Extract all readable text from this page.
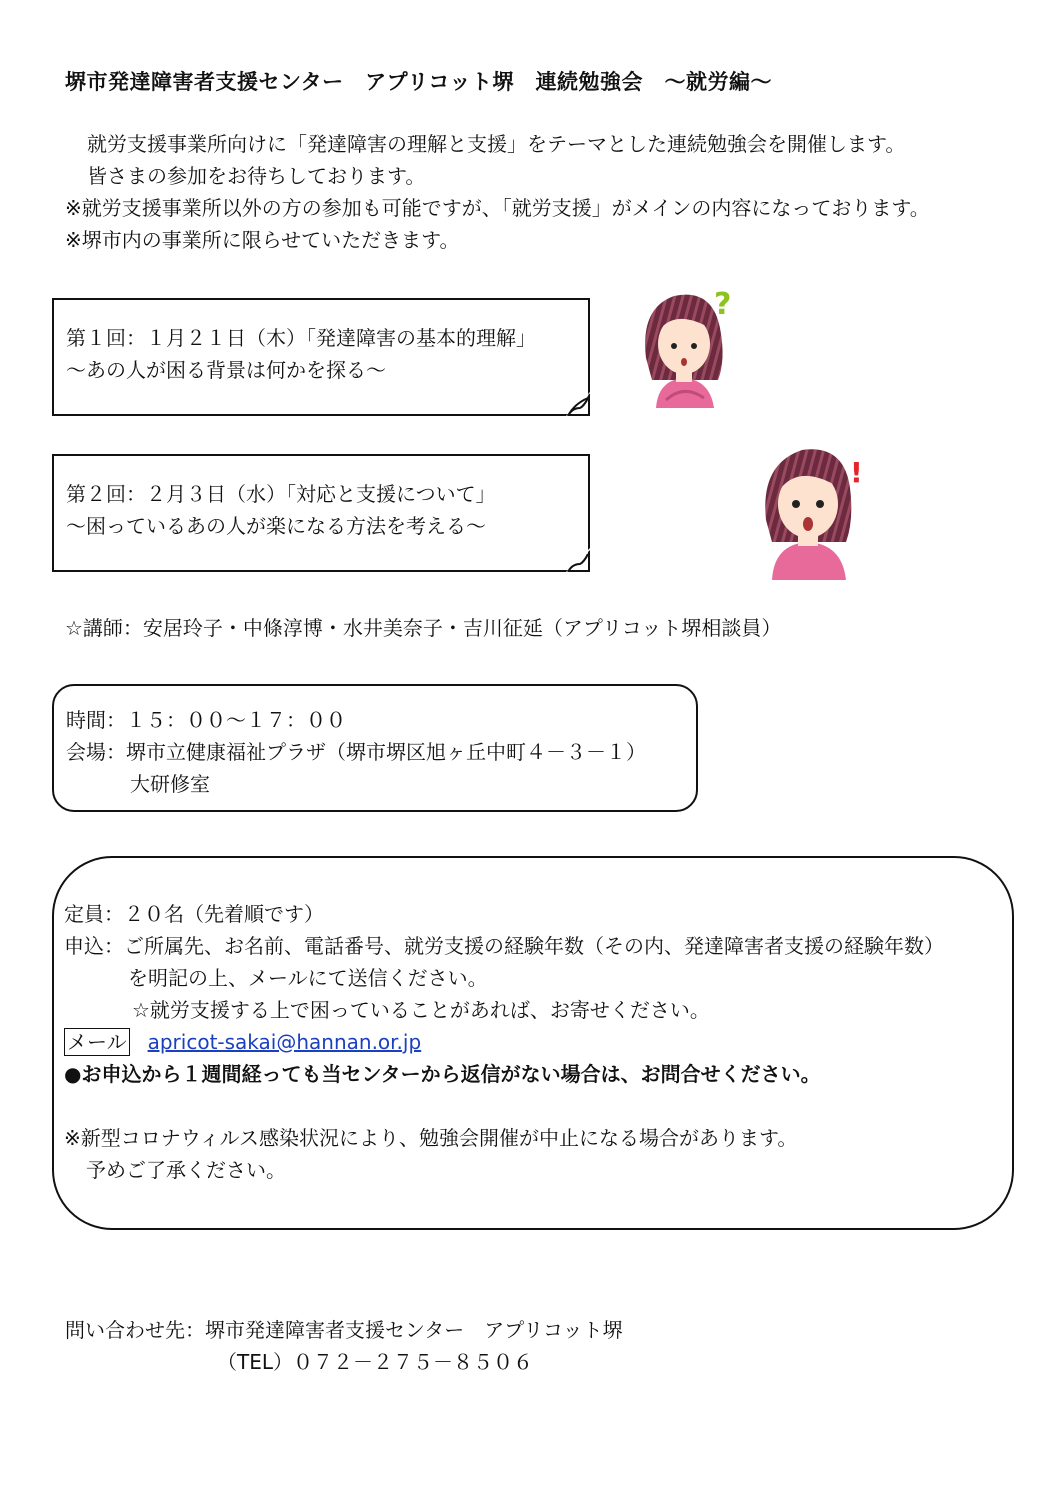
堺市発達障害者支援センター　アプリコット堺　連続勉強会　～就労編～
就労支援事業所向けに「発達障害の理解と支援」をテーマとした連続勉強会を開催します。
皆さまの参加をお待ちしております。
※就労支援事業所以外の方の参加も可能ですが、「就労支援」がメインの内容になっております。
※堺市内の事業所に限らせていただきます。
第１回：１月２１日（木）「発達障害の基本的理解」
～あの人が困る背景は何かを探る～
第２回：２月３日（水）「対応と支援について」
～困っているあの人が楽になる方法を考える～
?
!
☆講師：安居玲子・中條淳博・水井美奈子・吉川征延（アプリコット堺相談員）
時間：１５：００～１７：００
会場：堺市立健康福祉プラザ（堺市堺区旭ヶ丘中町４－３－１）
大研修室
定員：２０名（先着順です）
申込：ご所属先、お名前、電話番号、就労支援の経験年数（その内、発達障害者支援の経験年数）
を明記の上、メールにて送信ください。
☆就労支援する上で困っていることがあれば、お寄せください。
メール apricot-sakai@hannan.or.jp
●お申込から１週間経っても当センターから返信がない場合は、お問合せください。
※新型コロナウィルス感染状況により、勉強会開催が中止になる場合があります。
予めご了承ください。
問い合わせ先：堺市発達障害者支援センター　アプリコット堺
（TEL）０７２－２７５－８５０６
